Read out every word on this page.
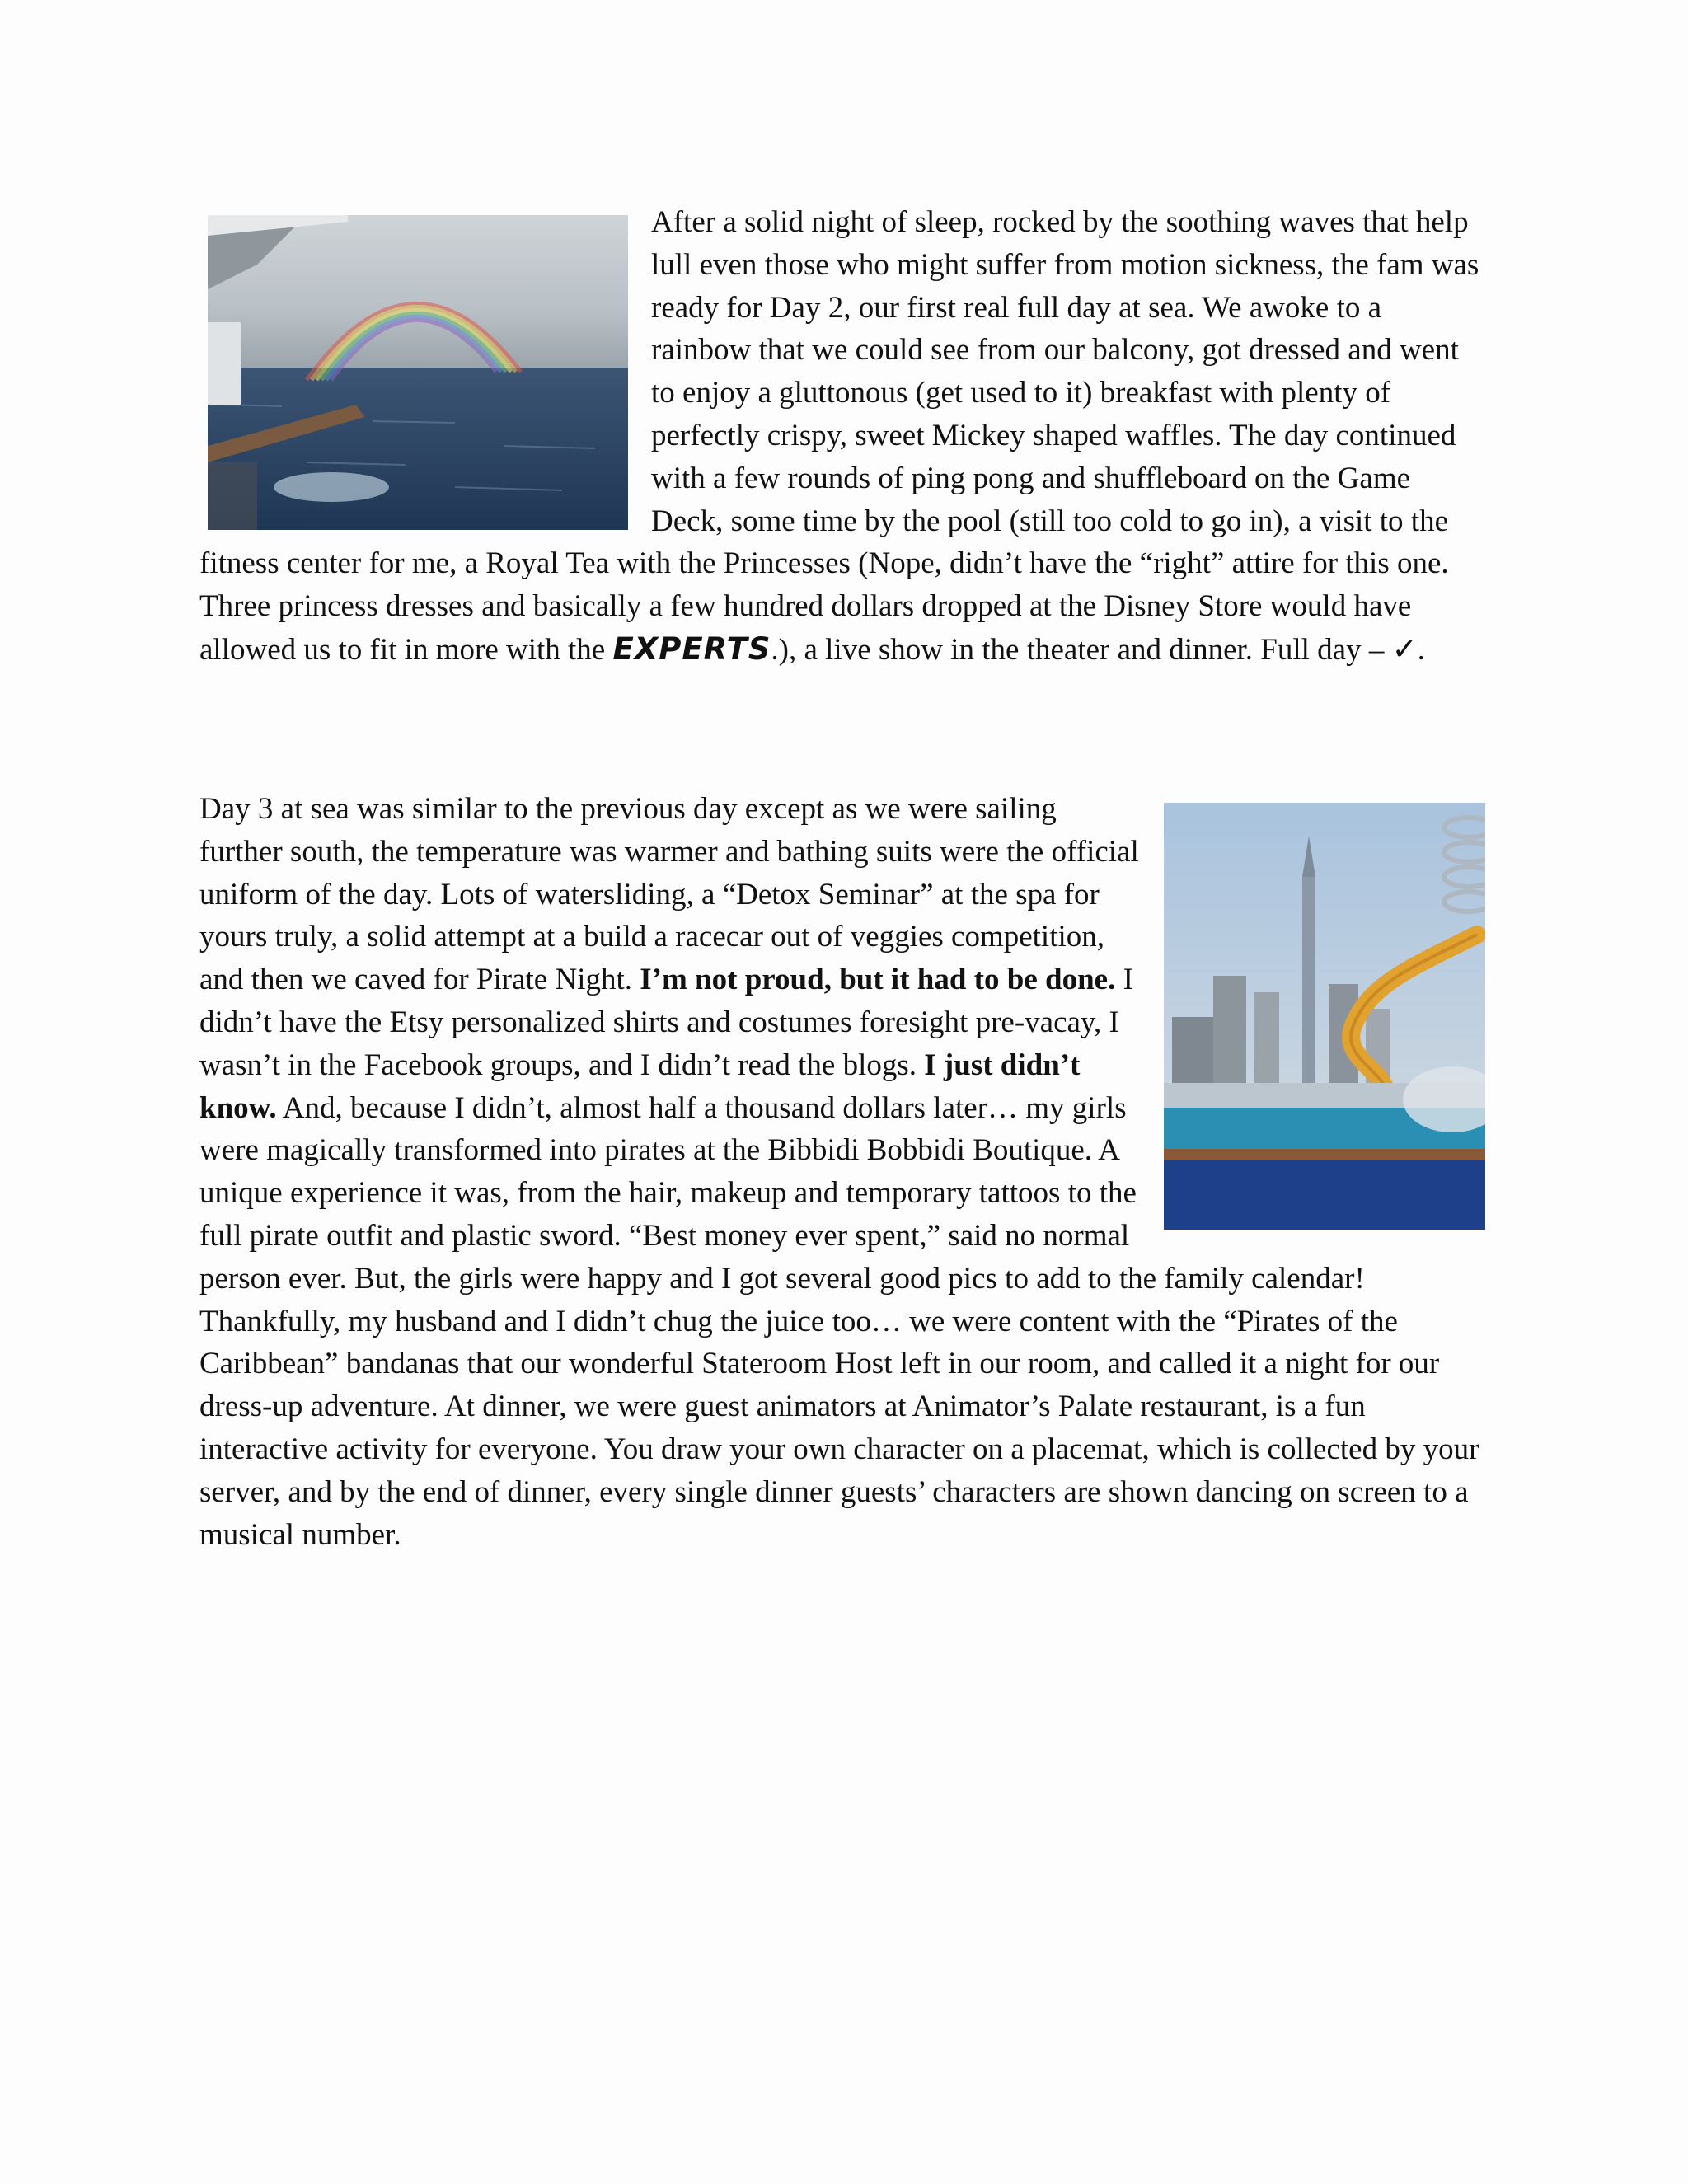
After a solid night of sleep, rocked by the soothing waves that help lull even those who might suffer from motion sickness, the fam was ready for Day 2, our first real full day at sea. We awoke to a rainbow that we could see from our balcony, got dressed and went to enjoy a gluttonous (get used to it) breakfast with plenty of perfectly crispy, sweet Mickey shaped waffles. The day continued with a few rounds of ping pong and shuffleboard on the Game Deck, some time by the pool (still too cold to go in), a visit to the fitness center for me, a Royal Tea with the Princesses (Nope, didn’t have the “right” attire for this one. Three princess dresses and basically a few hundred dollars dropped at the Disney Store would have allowed us to fit in more with the EXPERTS.), a live show in the theater and dinner. Full day – ✓.

Day 3 at sea was similar to the previous day except as we were sailing further south, the temperature was warmer and bathing suits were the official uniform of the day. Lots of watersliding, a “Detox Seminar” at the spa for yours truly, a solid attempt at a build a racecar out of veggies competition, and then we caved for Pirate Night. I’m not proud, but it had to be done. I didn’t have the Etsy personalized shirts and costumes foresight pre-vacay, I wasn’t in the Facebook groups, and I didn’t read the blogs. I just didn’t know. And, because I didn’t, almost half a thousand dollars later… my girls were magically transformed into pirates at the Bibbidi Bobbidi Boutique. A unique experience it was, from the hair, makeup and temporary tattoos to the full pirate outfit and plastic sword. “Best money ever spent,” said no normal person ever. But, the girls were happy and I got several good pics to add to the family calendar! Thankfully, my husband and I didn’t chug the juice too… we were content with the “Pirates of the Caribbean” bandanas that our wonderful Stateroom Host left in our room, and called it a night for our dress-up adventure. At dinner, we were guest animators at Animator’s Palate restaurant, is a fun interactive activity for everyone. You draw your own character on a placemat, which is collected by your server, and by the end of dinner, every single dinner guests’ characters are shown dancing on screen to a musical number.
